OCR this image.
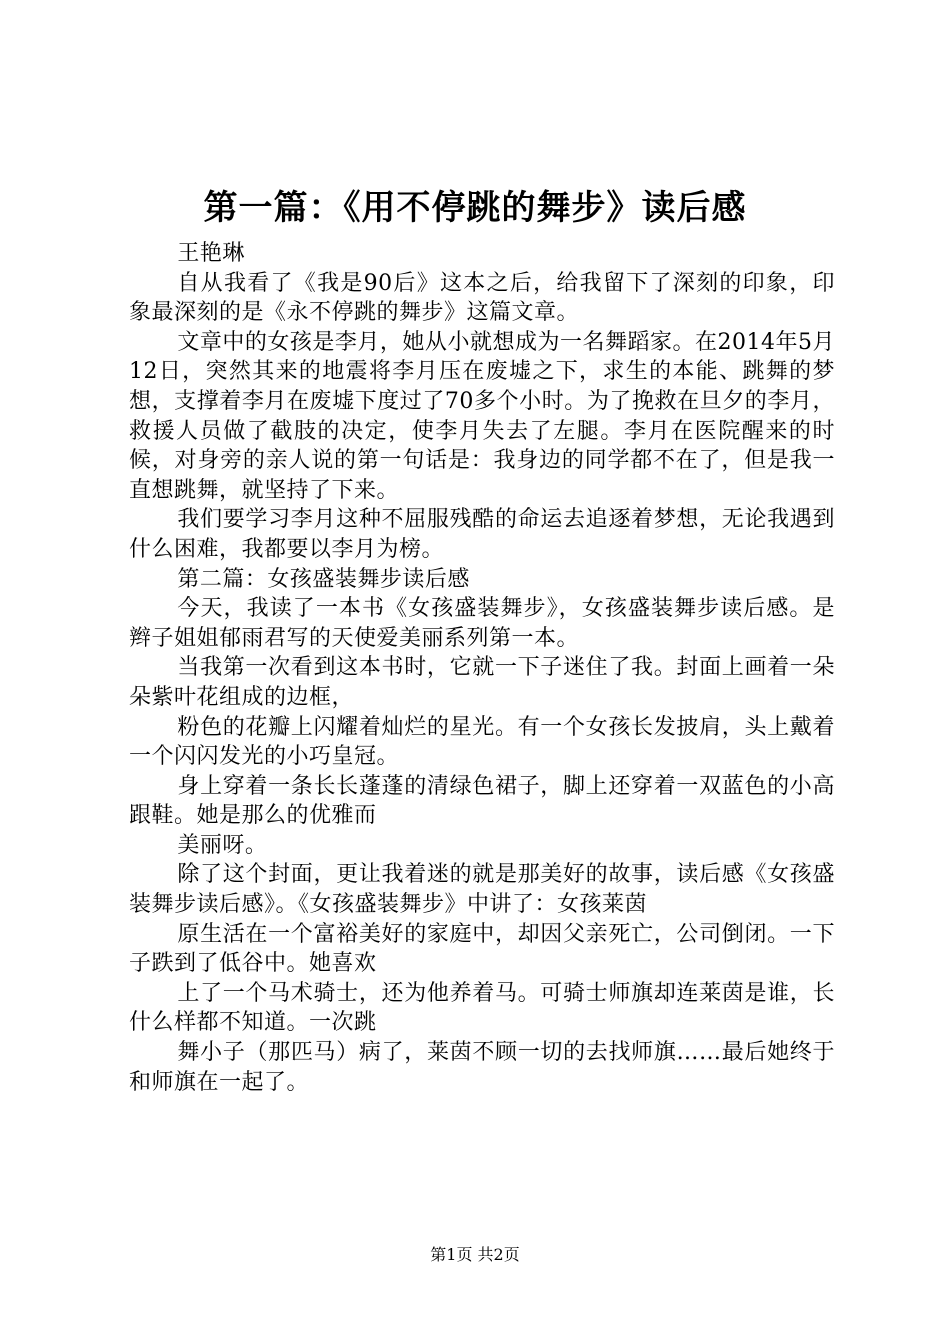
第一篇：《用不停跳的舞步》读后感

王艳琳

自从我看了《我是90后》这本之后，给我留下了深刻的印象，印象最深刻的是《永不停跳的舞步》这篇文章。

文章中的女孩是李月，她从小就想成为一名舞蹈家。在2014年5月12日，突然其来的地震将李月压在废墟之下，求生的本能、跳舞的梦想，支撑着李月在废墟下度过了70多个小时。为了挽救在旦夕的李月，救援人员做了截肢的决定，使李月失去了左腿。李月在医院醒来的时候，对身旁的亲人说的第一句话是：我身边的同学都不在了，但是我一直想跳舞，就坚持了下来。

我们要学习李月这种不屈服残酷的命运去追逐着梦想，无论我遇到什么困难，我都要以李月为榜。

第二篇：女孩盛装舞步读后感

今天，我读了一本书《女孩盛装舞步》，女孩盛装舞步读后感。是辫子姐姐郁雨君写的天使爱美丽系列第一本。

当我第一次看到这本书时，它就一下子迷住了我。封面上画着一朵朵紫叶花组成的边框，

粉色的花瓣上闪耀着灿烂的星光。有一个女孩长发披肩，头上戴着一个闪闪发光的小巧皇冠。

身上穿着一条长长蓬蓬的清绿色裙子，脚上还穿着一双蓝色的小高跟鞋。她是那么的优雅而

美丽呀。

除了这个封面，更让我着迷的就是那美好的故事，读后感《女孩盛装舞步读后感》。《女孩盛装舞步》中讲了：女孩莱茵

原生活在一个富裕美好的家庭中，却因父亲死亡，公司倒闭。一下子跌到了低谷中。她喜欢

上了一个马术骑士，还为他养着马。可骑士师旗却连莱茵是谁，长什么样都不知道。一次跳

舞小子（那匹马）病了，莱茵不顾一切的去找师旗……最后她终于和师旗在一起了。

第1页 共2页
